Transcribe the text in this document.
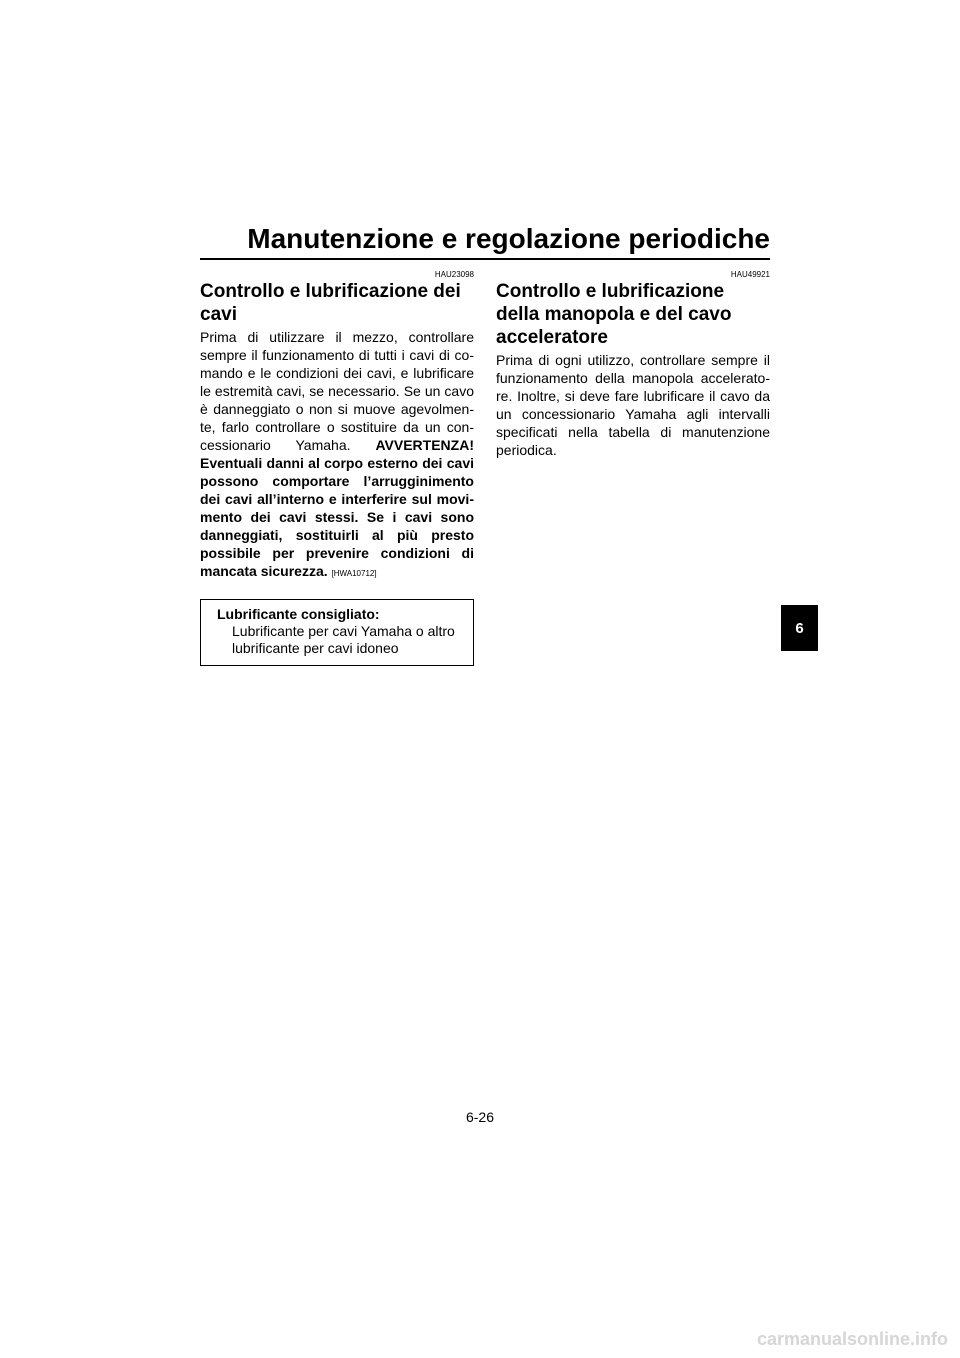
Manutenzione e regolazione periodiche
HAU23098
Controllo e lubrificazione dei cavi

Prima di utilizzare il mezzo, controllare sempre il funzionamento di tutti i cavi di comando e le condizioni dei cavi, e lubrificare le estremità cavi, se necessario. Se un cavo è danneggiato o non si muove agevolmente, farlo controllare o sostituire da un concessionario Yamaha. AVVERTENZA! Eventuali danni al corpo esterno dei cavi possono comportare l’arrugginimento dei cavi all’interno e interferire sul movimento dei cavi stessi. Se i cavi sono danneggiati, sostituirli al più presto possibile per prevenire condizioni di mancata sicurezza. [HWA10712]

Lubrificante consigliato:
Lubrificante per cavi Yamaha o altro lubrificante per cavi idoneo
HAU49921
Controllo e lubrificazione della manopola e del cavo acceleratore

Prima di ogni utilizzo, controllare sempre il funzionamento della manopola acceleratore. Inoltre, si deve fare lubrificare il cavo da un concessionario Yamaha agli intervalli specificati nella tabella di manutenzione periodica.

6
6-26
carmanualsonline.info
